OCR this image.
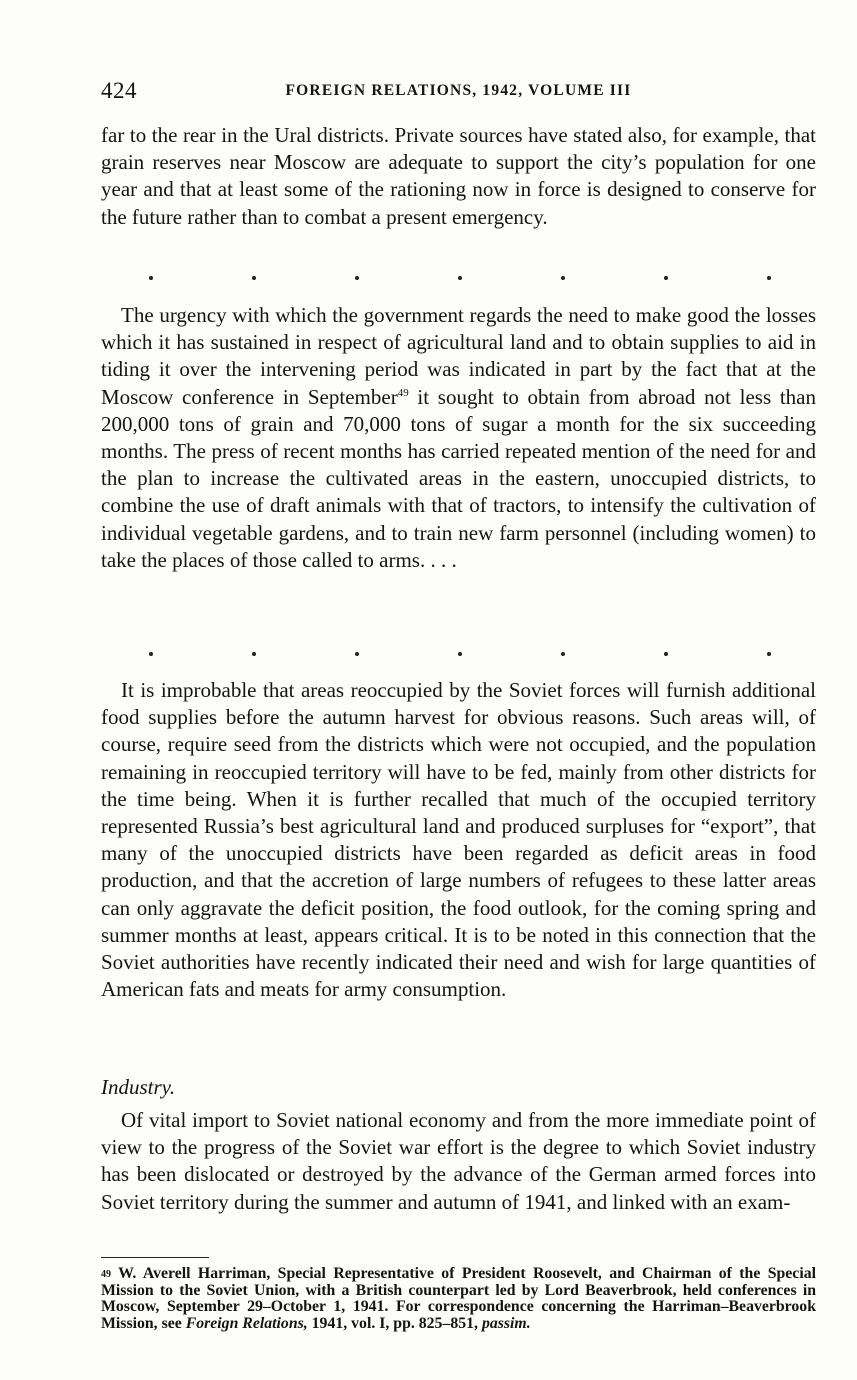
424	FOREIGN RELATIONS, 1942, VOLUME III

far to the rear in the Ural districts. Private sources have stated also, for example, that grain reserves near Moscow are adequate to support the city’s population for one year and that at least some of the rationing now in force is designed to conserve for the future rather than to combat a present emergency.

The urgency with which the government regards the need to make good the losses which it has sustained in respect of agricultural land and to obtain supplies to aid in tiding it over the intervening period was indicated in part by the fact that at the Moscow conference in September$^{49}$ it sought to obtain from abroad not less than 200,000 tons of grain and 70,000 tons of sugar a month for the six succeeding months. The press of recent months has carried repeated mention of the need for and the plan to increase the cultivated areas in the eastern, unoccupied districts, to combine the use of draft animals with that of tractors, to intensify the cultivation of individual vegetable gardens, and to train new farm personnel (including women) to take the places of those called to arms. . . .

It is improbable that areas reoccupied by the Soviet forces will furnish additional food supplies before the autumn harvest for obvious reasons. Such areas will, of course, require seed from the districts which were not occupied, and the population remaining in reoccupied territory will have to be fed, mainly from other districts for the time being. When it is further recalled that much of the occupied territory represented Russia’s best agricultural land and produced surpluses for “export”, that many of the unoccupied districts have been regarded as deficit areas in food production, and that the accretion of large numbers of refugees to these latter areas can only aggravate the deficit position, the food outlook, for the coming spring and summer months at least, appears critical. It is to be noted in this connection that the Soviet authorities have recently indicated their need and wish for large quantities of American fats and meats for army consumption.

Industry.

Of vital import to Soviet national economy and from the more immediate point of view to the progress of the Soviet war effort is the degree to which Soviet industry has been dislocated or destroyed by the advance of the German armed forces into Soviet territory during the summer and autumn of 1941, and linked with an exam-

$^{49}$ W. Averell Harriman, Special Representative of President Roosevelt, and Chairman of the Special Mission to the Soviet Union, with a British counterpart led by Lord Beaverbrook, held conferences in Moscow, September 29–October 1, 1941. For correspondence concerning the Harriman–Beaverbrook Mission, see Foreign Relations, 1941, vol. I, pp. 825–851, passim.
